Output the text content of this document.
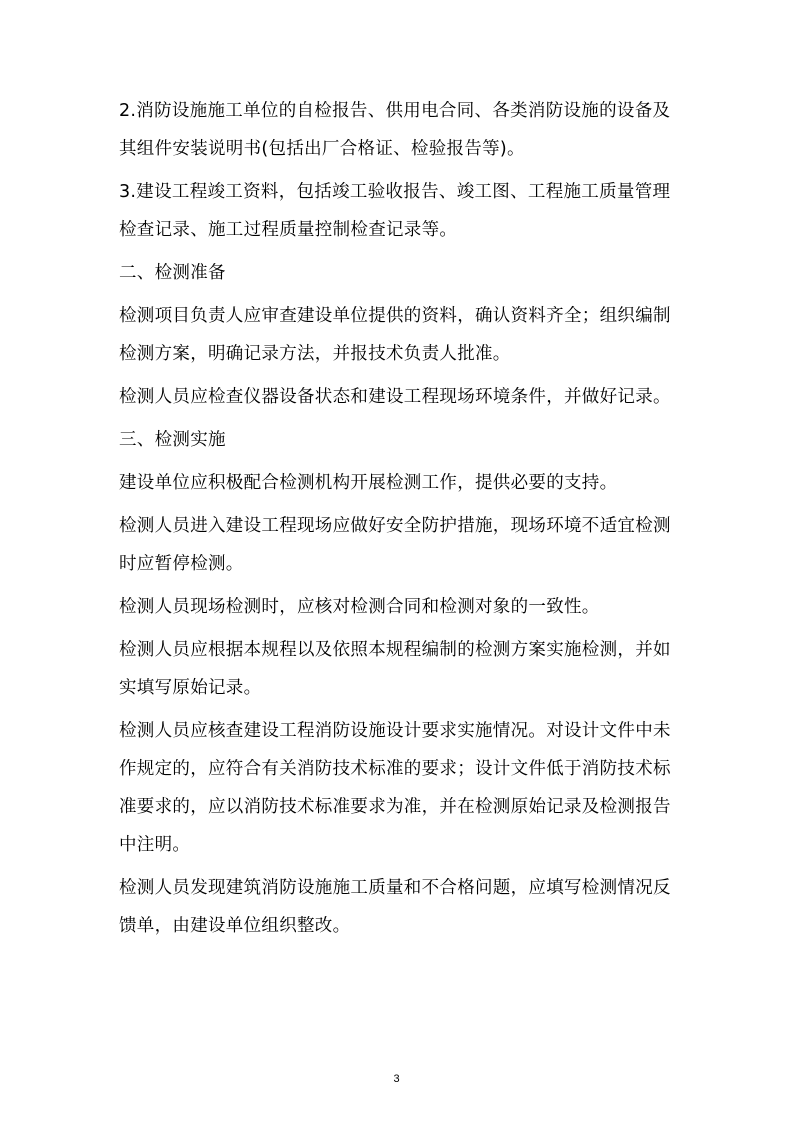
2.消防设施施工单位的自检报告、供用电合同、各类消防设施的设备及其组件安装说明书(包括出厂合格证、检验报告等)。

3.建设工程竣工资料，包括竣工验收报告、竣工图、工程施工质量管理检查记录、施工过程质量控制检查记录等。

二、检测准备

检测项目负责人应审查建设单位提供的资料，确认资料齐全；组织编制检测方案，明确记录方法，并报技术负责人批准。

检测人员应检查仪器设备状态和建设工程现场环境条件，并做好记录。

三、检测实施

建设单位应积极配合检测机构开展检测工作，提供必要的支持。

检测人员进入建设工程现场应做好安全防护措施，现场环境不适宜检测时应暂停检测。

检测人员现场检测时，应核对检测合同和检测对象的一致性。

检测人员应根据本规程以及依照本规程编制的检测方案实施检测，并如实填写原始记录。

检测人员应核查建设工程消防设施设计要求实施情况。对设计文件中未作规定的，应符合有关消防技术标准的要求；设计文件低于消防技术标准要求的，应以消防技术标准要求为准，并在检测原始记录及检测报告中注明。

检测人员发现建筑消防设施施工质量和不合格问题，应填写检测情况反馈单，由建设单位组织整改。

3
